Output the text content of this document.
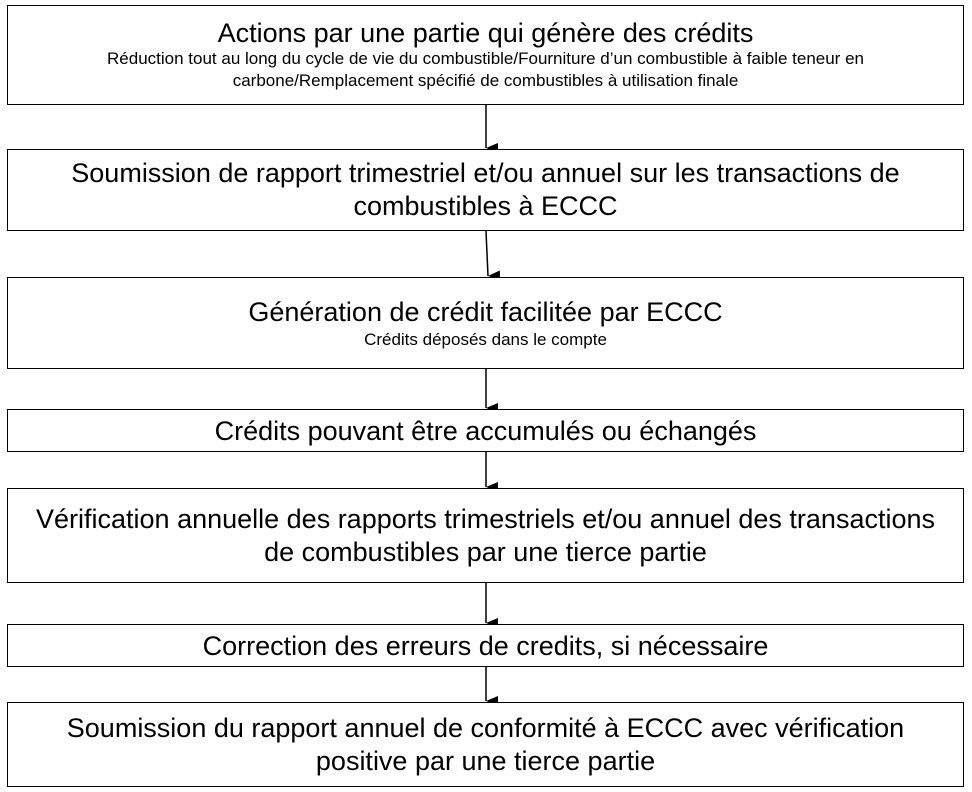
Actions par une partie qui génère des crédits
Réduction tout au long du cycle de vie du combustible/Fourniture d’un combustible à faible teneur en carbone/Remplacement spécifié de combustibles à utilisation finale
Soumission de rapport trimestriel et/ou annuel sur les transactions de combustibles à ECCC
Génération de crédit facilitée par ECCC
Crédits déposés dans le compte
Crédits pouvant être accumulés ou échangés
Vérification annuelle des rapports trimestriels et/ou annuel des transactions de combustibles par une tierce partie
Correction des erreurs de credits, si nécessaire
Soumission du rapport annuel de conformité à ECCC avec vérification positive par une tierce partie
